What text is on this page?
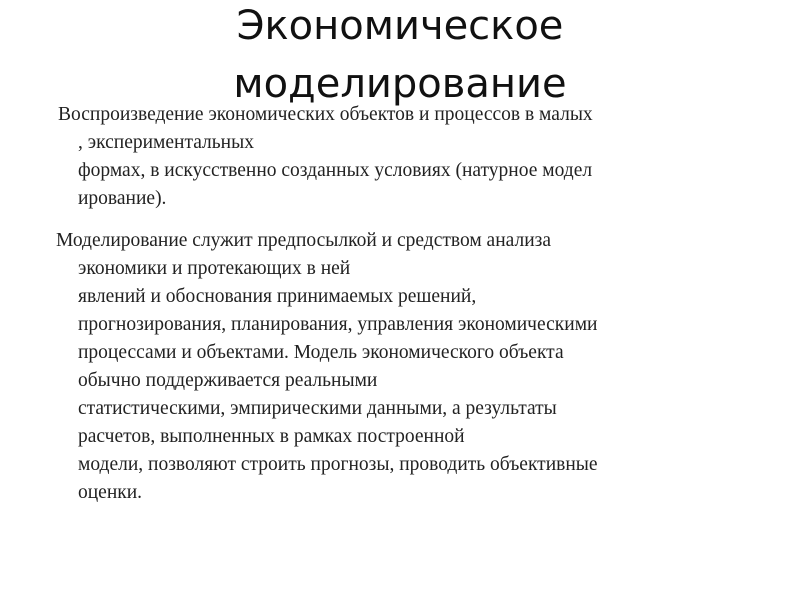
Экономическое
моделирование
Воспроизведение экономических объектов и процессов в малых
, экспериментальных
формах, в искусственно созданных условиях (натурное модел
ирование).
Моделирование служит предпосылкой и средством анализа
экономики и протекающих в ней
явлений и обоснования принимаемых решений,
прогнозирования, планирования, управления экономическими
процессами и объектами. Модель экономического объекта
обычно поддерживается реальными
статистическими, эмпирическими данными, а результаты
расчетов, выполненных в рамках построенной
модели, позволяют строить прогнозы, проводить объективные
оценки.
